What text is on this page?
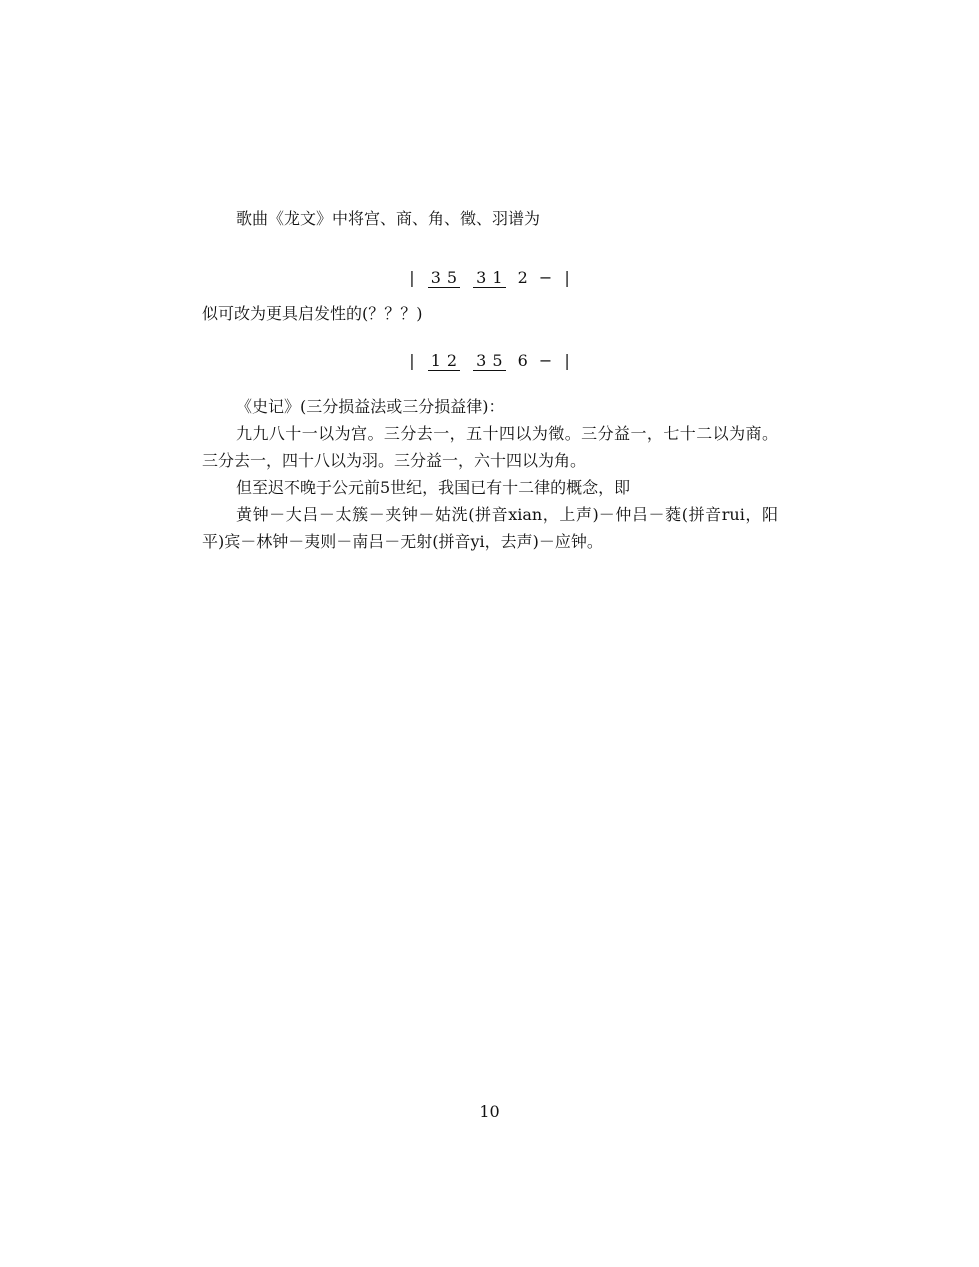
歌曲《龙文》中将宫、商、角、徵、羽谱为
| 3 5 3 1 2 − |
似可改为更具启发性的(？？？)
| 1 2 3 5 6 − |
《史记》(三分损益法或三分损益律)：
九九八十一以为宫。三分去一，五十四以为徵。三分益一，七十二以为商。三分去一，四十八以为羽。三分益一，六十四以为角。
但至迟不晚于公元前5世纪，我国已有十二律的概念，即
黄钟－大吕－太簇－夹钟－姑洗(拼音xian，上声)－仲吕－蕤(拼音rui，阳平)宾－林钟－夷则－南吕－无射(拼音yi，去声)－应钟。
10
